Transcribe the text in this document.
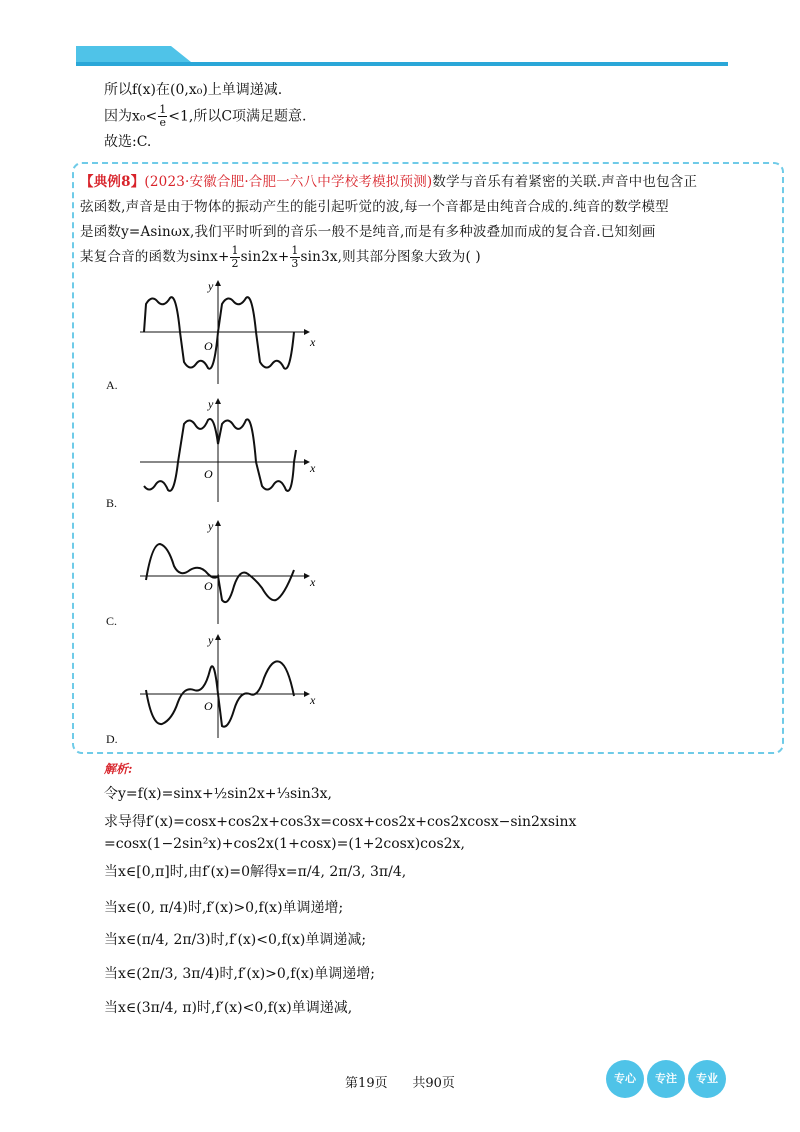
所以f(x)在(0,x₀)上单调递减.
因为$x_0< \frac{1}{e} <1$,所以C项满足题意.
故选:C.
【典例8】(2023·安徽合肥·合肥一六八中学校考模拟预测)数学与音乐有着紧密的关联.声音中也包含正
弦函数,声音是由于物体的振动产生的能引起听觉的波,每一个音都是由纯音合成的.纯音的数学模型
是函数y=Asinωx,我们平时听到的音乐一般不是纯音,而是有多种波叠加而成的复合音.已知刻画
某复合音的函数为$\sin x+ \frac{1}{2} \sin 2x+ \frac{1}{3} \sin 3x$,则其部分图象大致为( )
O	x
y
A.
O	x
y
B.
O	x
y
C.
O	x
y
D.
解析:
令y=f(x)=sinx+½sin2x+⅓sin3x,
求导得f′(x)=cosx+cos2x+cos3x=cosx+cos2x+cos2xcosx−sin2xsinx
=cosx(1−2sin²x)+cos2x(1+cosx)=(1+2cosx)cos2x,
当x∈[0,π]时,由f′(x)=0解得x=π/4, 2π/3, 3π/4,
当x∈(0, π/4)时,f′(x)>0,f(x)单调递增;
当x∈(π/4, 2π/3)时,f′(x)<0,f(x)单调递减;
当x∈(2π/3, 3π/4)时,f′(x)>0,f(x)单调递增;
当x∈(3π/4, π)时,f′(x)<0,f(x)单调递减,
第19页 共90页	专心 专注 专业
